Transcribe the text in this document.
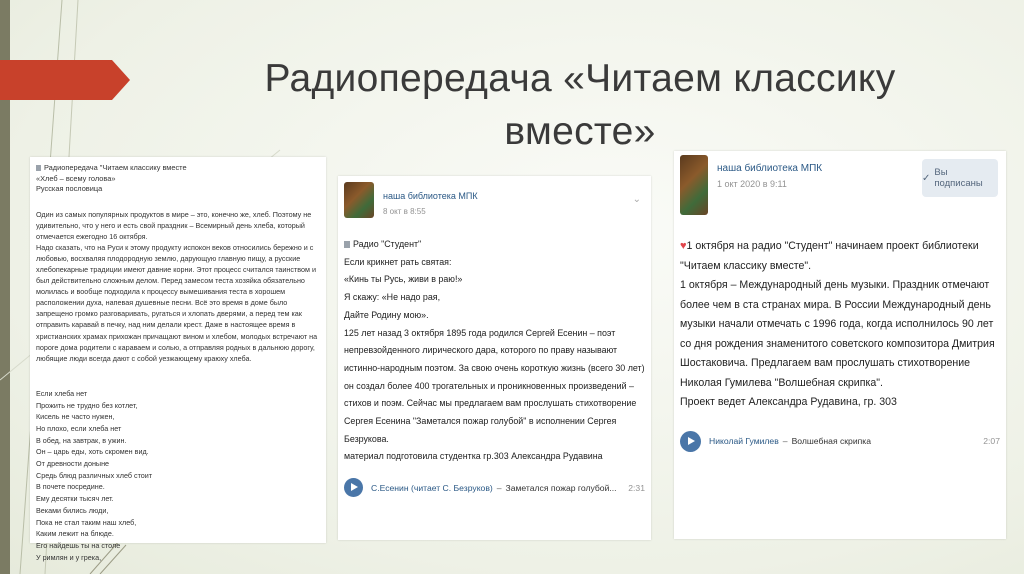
Радиопередача «Читаем классику
вместе»
Радиопередача "Читаем классику вместе
«Хлеб – всему голова»
Русская пословица

Один из самых популярных продуктов в мире – это, конечно же, хлеб. Поэтому не удивительно, что у него и есть свой праздник – Всемирный день хлеба, который отмечается ежегодно 16 октября.

Надо сказать, что на Руси к этому продукту испокон веков относились бережно и с любовью, восхваляя плодородную землю, дарующую главную пищу, а русские хлебопекарные традиции имеют давние корни. Этот процесс считался таинством и был действительно сложным делом. Перед замесом теста хозяйка обязательно молилась и вообще подходила к процессу вымешивания теста в хорошем расположении духа, напевая душевные песни. Всё это время в доме было запрещено громко разговаривать, ругаться и хлопать дверями, а перед тем как отправить каравай в печку, над ним делали крест. Даже в настоящее время в христианских храмах прихожан причащают вином и хлебом, молодых встречают на пороге дома родители с караваем и солью, а отправляя родных в дальнюю дорогу, любящие люди всегда дают с собой уезжающему краюху хлеба.

Если хлеба нет
Прожить не трудно без котлет,
Кисель не часто нужен,
Но плохо, если хлеба нет
В обед, на завтрак, в ужин.
Он – царь еды, хоть скромен вид.
От древности доныне
Средь блюд различных хлеб стоит
В почете посредине.
Ему десятки тысяч лет.
Веками бились люди,
Пока не стал таким наш хлеб,
Каким лежит на блюде.
Его найдешь ты на столе
У римлян и у грека,
наша библиотека МПК
8 окт в 8:55
⌄
Радио "Студент"
Если крикнет рать святая:
«Кинь ты Русь, живи в раю!»
Я скажу: «Не надо рая,
Дайте Родину мою».
125 лет назад 3 октября 1895 года родился Сергей Есенин – поэт непревзойденного лирического дара, которого по праву называют истинно-народным поэтом. За свою очень короткую жизнь (всего 30 лет) он создал более 400 трогательных и проникновенных произведений – стихов и поэм. Сейчас мы предлагаем вам прослушать стихотворение Сергея Есенина "Заметался пожар голубой" в исполнении Сергея Безрукова.
материал подготовила студентка гр.303 Александра Рудавина
С.Есенин (читает С. Безруков) – Заметался пожар голубой... 2:31
наша библиотека МПК
1 окт 2020 в 9:11
✓ Вы подписаны
♥1 октября на радио "Студент" начинаем проект библиотеки "Читаем классику вместе".
1 октября – Международный день музыки. Праздник отмечают более чем в ста странах мира. В России Международный день музыки начали отмечать с 1996 года, когда исполнилось 90 лет со дня рождения знаменитого советского композитора Дмитрия Шостаковича. Предлагаем вам прослушать стихотворение Николая Гумилева "Волшебная скрипка".
Проект ведет Александра Рудавина, гр. 303
Николай Гумилев – Волшебная скрипка	2:07
